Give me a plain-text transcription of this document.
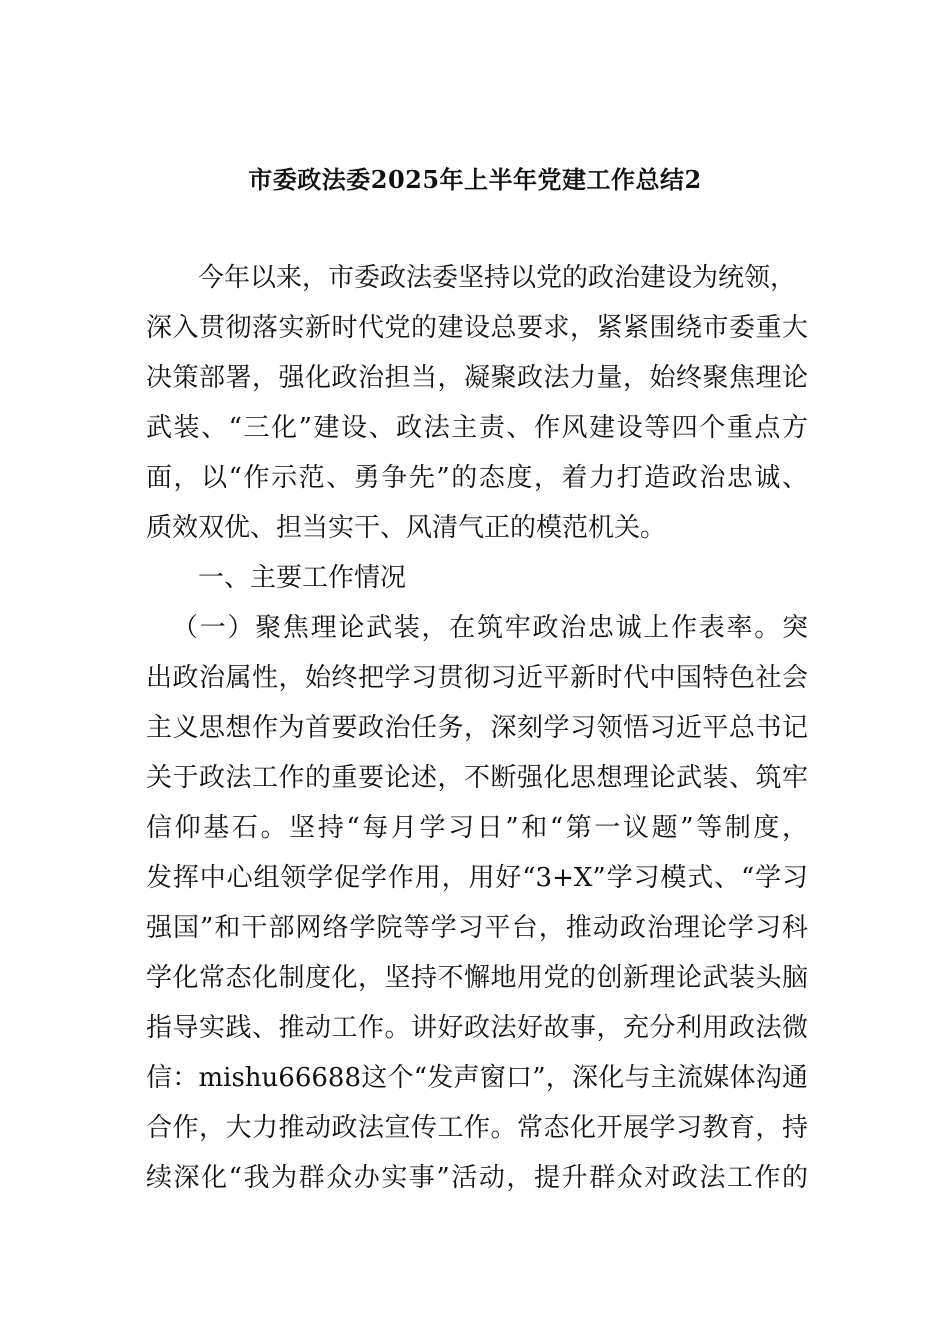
市委政法委2025年上半年党建工作总结2
今年以来，市委政法委坚持以党的政治建设为统领，
深入贯彻落实新时代党的建设总要求，紧紧围绕市委重大
决策部署，强化政治担当，凝聚政法力量，始终聚焦理论
武装、“三化”建设、政法主责、作风建设等四个重点方
面，以“作示范、勇争先”的态度，着力打造政治忠诚、
质效双优、担当实干、风清气正的模范机关。
一、主要工作情况
（一）聚焦理论武装，在筑牢政治忠诚上作表率。突
出政治属性，始终把学习贯彻习近平新时代中国特色社会
主义思想作为首要政治任务，深刻学习领悟习近平总书记
关于政法工作的重要论述，不断强化思想理论武装、筑牢
信仰基石。坚持“每月学习日”和“第一议题”等制度，
发挥中心组领学促学作用，用好“3+X”学习模式、“学习
强国”和干部网络学院等学习平台，推动政治理论学习科
学化常态化制度化，坚持不懈地用党的创新理论武装头脑
指导实践、推动工作。讲好政法好故事，充分利用政法微
信：mishu66688这个“发声窗口”，深化与主流媒体沟通
合作，大力推动政法宣传工作。常态化开展学习教育，持
续深化“我为群众办实事”活动，提升群众对政法工作的
